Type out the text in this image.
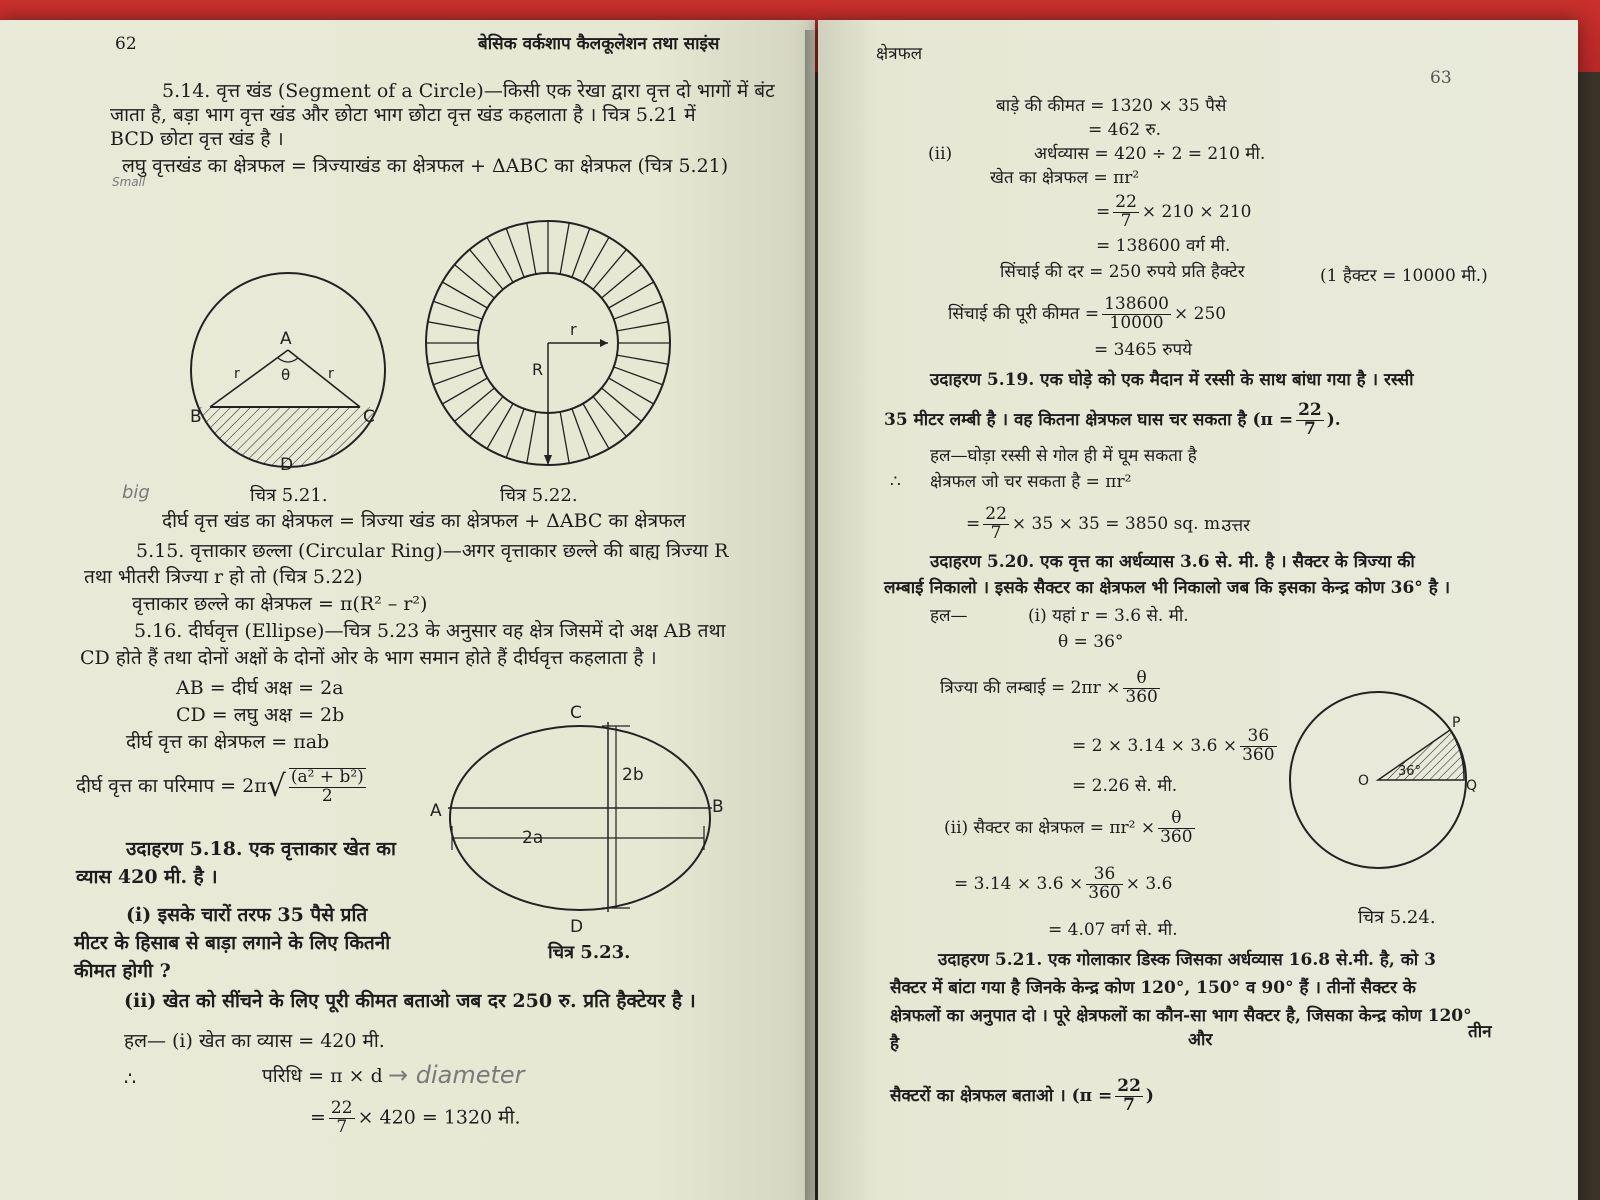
62	बेसिक वर्कशाप कैलकूलेशन तथा साइंस
5.14. वृत्त खंड (Segment of a Circle)—किसी एक रेखा द्वारा वृत्त दो भागों में बंट
जाता है, बड़ा भाग वृत्त खंड और छोटा भाग छोटा वृत्त खंड कहलाता है । चित्र 5.21 में
BCD छोटा वृत्त खंड है ।
लघु वृत्तखंड का क्षेत्रफल = त्रिज्याखंड का क्षेत्रफल + ΔABC का क्षेत्रफल (चित्र 5.21)
Small
A
θ
r	r
B	C
D
चित्र 5.21.
r
R
चित्र 5.22.
big
दीर्घ वृत्त खंड का क्षेत्रफल = त्रिज्या खंड का क्षेत्रफल + ΔABC का क्षेत्रफल
5.15. वृत्ताकार छल्ला (Circular Ring)—अगर वृत्ताकार छल्ले की बाह्य त्रिज्या R
तथा भीतरी त्रिज्या r हो तो (चित्र 5.22)
वृत्ताकार छल्ले का क्षेत्रफल = π(R² – r²)
5.16. दीर्घवृत्त (Ellipse)—चित्र 5.23 के अनुसार वह क्षेत्र जिसमें दो अक्ष AB तथा
CD होते हैं तथा दोनों अक्षों के दोनों ओर के भाग समान होते हैं दीर्घवृत्त कहलाता है ।
AB = दीर्घ अक्ष = 2a
CD = लघु अक्ष = 2b
दीर्घ वृत्त का क्षेत्रफल = πab
दीर्घ वृत्त का परिमाप = $2\pi√ \frac{\text{(a² + b²)}}{2}$
C
D
A	B
2a
2b
चित्र 5.23.
उदाहरण 5.18. एक वृत्ताकार खेत का
व्यास 420 मी. है ।
(i) इसके चारों तरफ 35 पैसे प्रति
मीटर के हिसाब से बाड़ा लगाने के लिए कितनी
कीमत होगी ?
(ii) खेत को सींचने के लिए पूरी कीमत बताओ जब दर 250 रु. प्रति हैक्टेयर है ।
हल— (i) खेत का व्यास = 420 मी.
∴	परिधि = π × d → diameter
= $\frac{22}{7} \times 420 = 1320$ मी.
क्षेत्रफल
63
बाड़े की कीमत = 1320 × 35 पैसे
= 462 रु.
(ii)	अर्धव्यास = 420 ÷ 2 = 210 मी.
खेत का क्षेत्रफल = πr²
= $\frac{22}{7} \times 210 \times 210$
= 138600 वर्ग मी.
सिंचाई की दर = 250 रुपये प्रति हैक्टेर	(1 हैक्टर = 10000 मी.)
सिंचाई की पूरी कीमत = $\frac{138600}{10000} \times 250$
= 3465 रुपये
उदाहरण 5.19. एक घोड़े को एक मैदान में रस्सी के साथ बांधा गया है । रस्सी
35 मीटर लम्बी है । वह कितना क्षेत्रफल घास चर सकता है ($\pi = \frac{22}{7}$ ).
हल—घोड़ा रस्सी से गोल ही में घूम सकता है
∴ क्षेत्रफल जो चर सकता है = πr²
= $\frac{22}{7} \times 35 \times 35 = 3850$ sq. m.
उत्तर
उदाहरण 5.20. एक वृत्त का अर्धव्यास 3.6 से. मी. है । सैक्टर के त्रिज्या की
लम्बाई निकालो । इसके सैक्टर का क्षेत्रफल भी निकालो जब कि इसका केन्द्र कोण 36° है ।
हल—	(i) यहां r = 3.6 से. मी.
θ = 36°
त्रिज्या की लम्बाई = $2\pi r \times \frac{\theta}{360}$
= $2 \times 3.14 \times 3.6 \times \frac{36}{360}$
= 2.26 से. मी.
(ii) सैक्टर का क्षेत्रफल = $\pi r^2 \times \frac{\theta}{360}$
= $3.14 \times 3.6 \times \frac{36}{360} \times 3.6$
= 4.07 वर्ग से. मी.
O
P
Q
36°
चित्र 5.24.
उदाहरण 5.21. एक गोलाकार डिस्क जिसका अर्धव्यास 16.8 से.मी. है, को 3
सैक्टर में बांटा गया है जिनके केन्द्र कोण 120°, 150° व 90° हैं । तीनों सैक्टर के
क्षेत्रफलों का अनुपात दो । पूरे क्षेत्रफलों का कौन-सा भाग सैक्टर है, जिसका केन्द्र कोण 120°
है	और	तीन
सैक्टरों का क्षेत्रफल बताओ । ($\pi = \frac{22}{7}$ )
